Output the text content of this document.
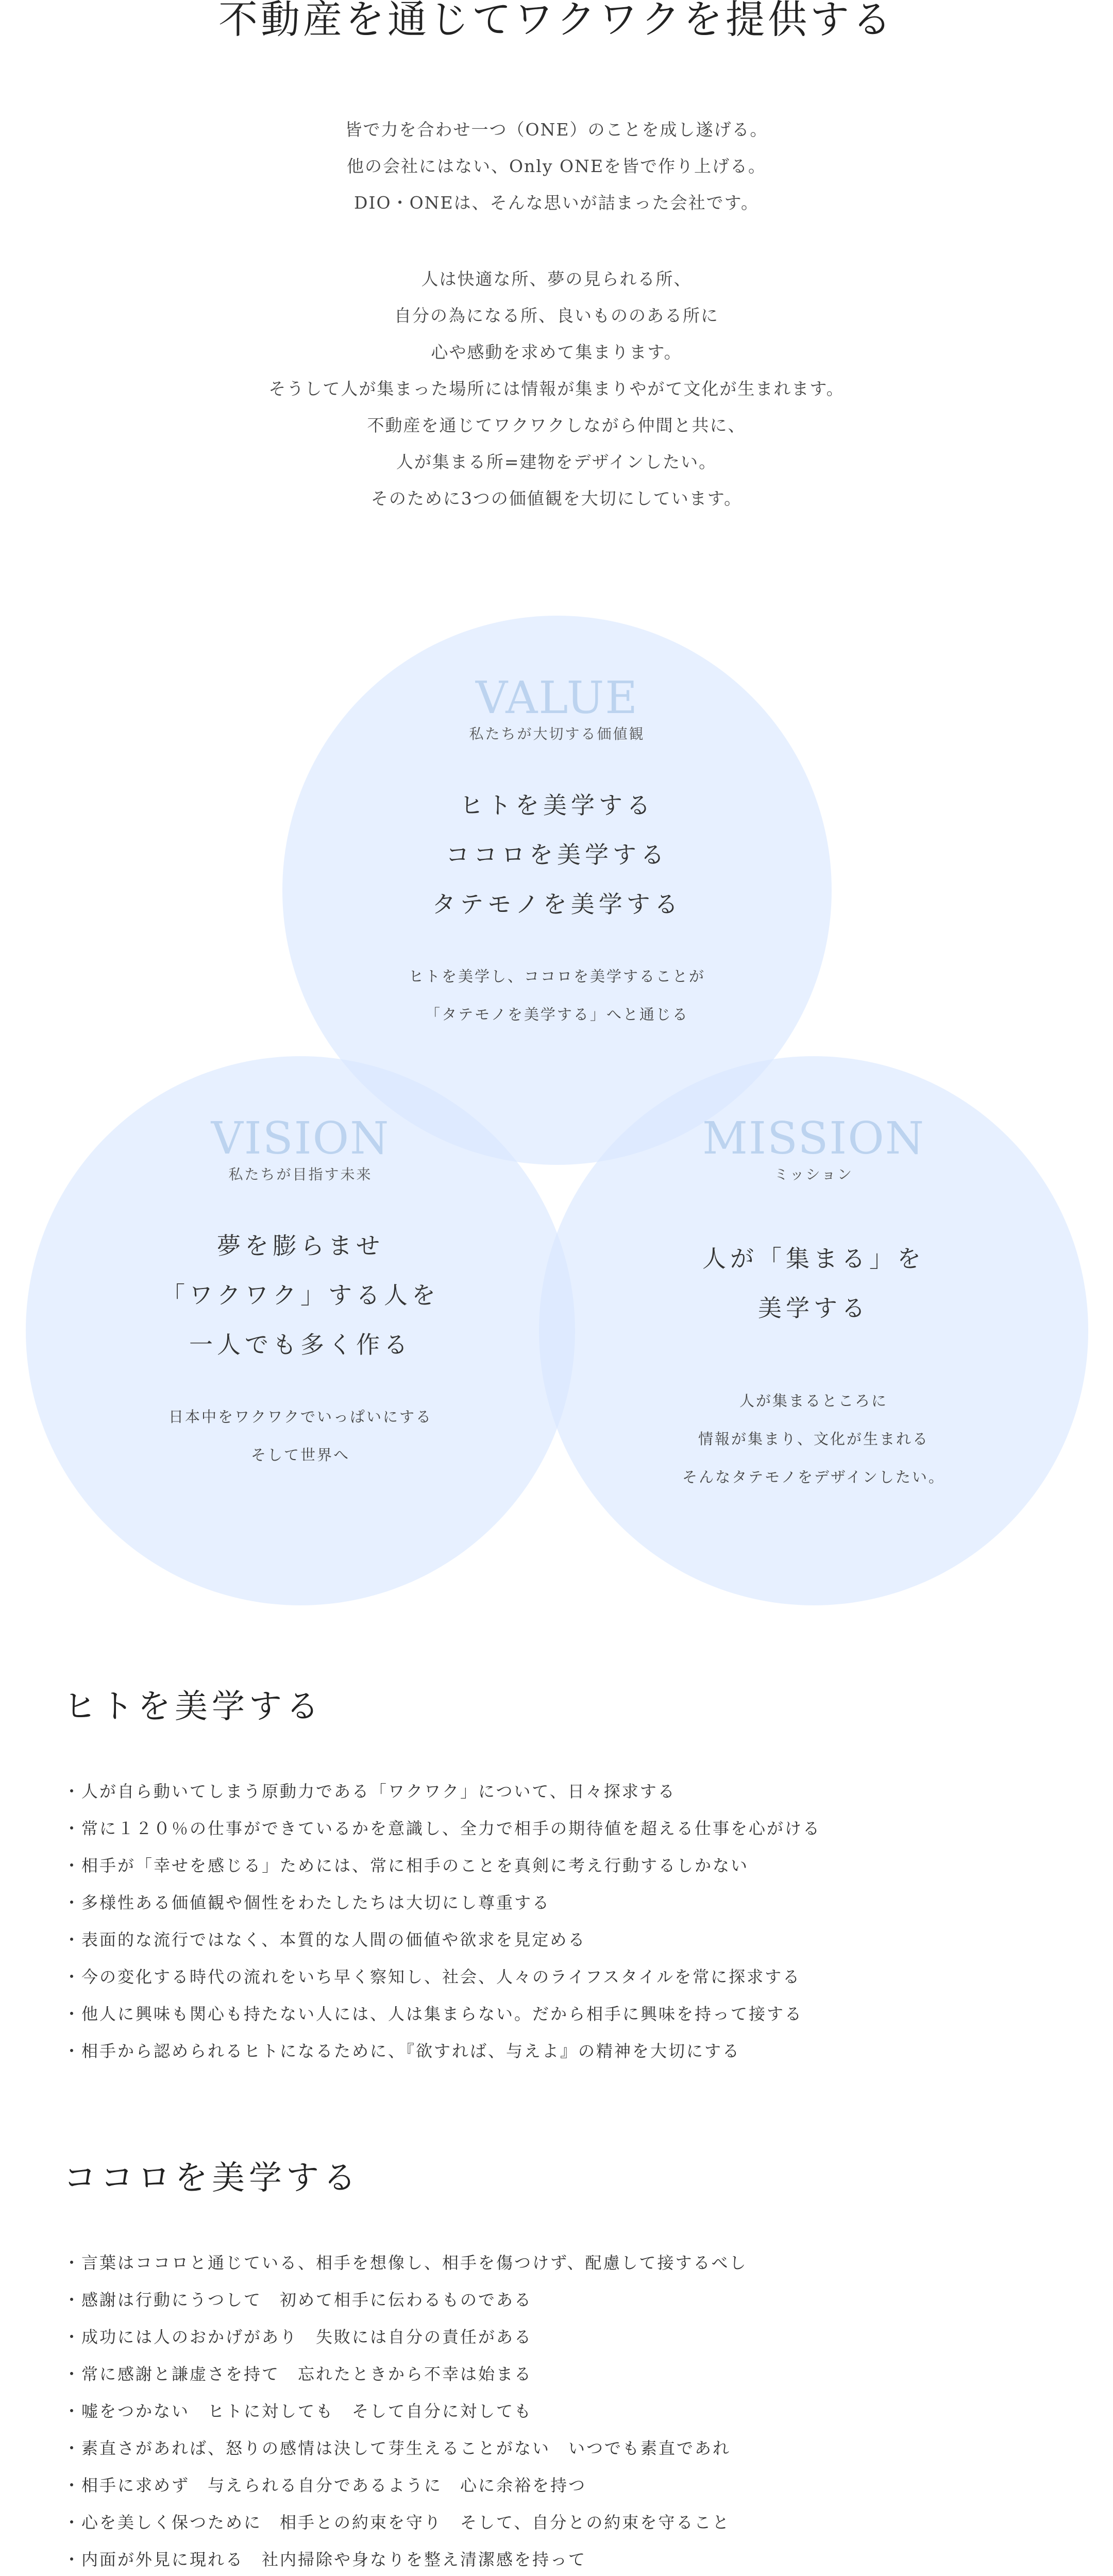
不動産を通じてワクワクを提供する

皆で力を合わせ一つ（ONE）のことを成し遂げる。

他の会社にはない、Only ONEを皆で作り上げる。

DIO・ONEは、そんな思いが詰まった会社です。

人は快適な所、夢の見られる所、

自分の為になる所、良いもののある所に

心や感動を求めて集まります。

そうして人が集まった場所には情報が集まりやがて文化が生まれます。

不動産を通じてワクワクしながら仲間と共に、

人が集まる所=建物をデザインしたい。

そのために3つの価値観を大切にしています。

VALUE
私たちが大切する価値観

ヒトを美学する

ココロを美学する

タテモノを美学する

ヒトを美学し、ココロを美学することが

「タテモノを美学する」へと通じる

VISION
私たちが目指す未来

夢を膨らませ

「ワクワク」する人を

一人でも多く作る

日本中をワクワクでいっぱいにする

そして世界へ

MISSION
ミッション

人が「集まる」を

美学する

人が集まるところに

情報が集まり、文化が生まれる

そんなタテモノをデザインしたい。

ヒトを美学する
・ 人が自ら動いてしまう原動力である「ワクワク」について、日々探求する
・ 常に１２０％の仕事ができているかを意識し、全力で相手の期待値を超える仕事を心がける
・ 相手が「幸せを感じる」ためには、常に相手のことを真剣に考え行動するしかない
・ 多様性ある価値観や個性をわたしたちは大切にし尊重する
・ 表面的な流行ではなく、本質的な人間の価値や欲求を見定める
・ 今の変化する時代の流れをいち早く察知し、社会、人々のライフスタイルを常に探求する
・ 他人に興味も関心も持たない人には、人は集まらない。だから相手に興味を持って接する
・ 相手から認められるヒトになるために、『欲すれば、与えよ』の精神を大切にする
ココロを美学する
・ 言葉はココロと通じている、相手を想像し、相手を傷つけず、配慮して接するべし
・ 感謝は行動にうつして　初めて相手に伝わるものである
・ 成功には人のおかげがあり　失敗には自分の責任がある
・ 常に感謝と謙虚さを持て　忘れたときから不幸は始まる
・ 嘘をつかない　ヒトに対しても　そして自分に対しても
・ 素直さがあれば、怒りの感情は決して芽生えることがない　いつでも素直であれ
・ 相手に求めず　与えられる自分であるように　心に余裕を持つ
・ 心を美しく保つために　相手との約束を守り　そして、自分との約束を守ること
・ 内面が外見に現れる　社内掃除や身なりを整え清潔感を持って
